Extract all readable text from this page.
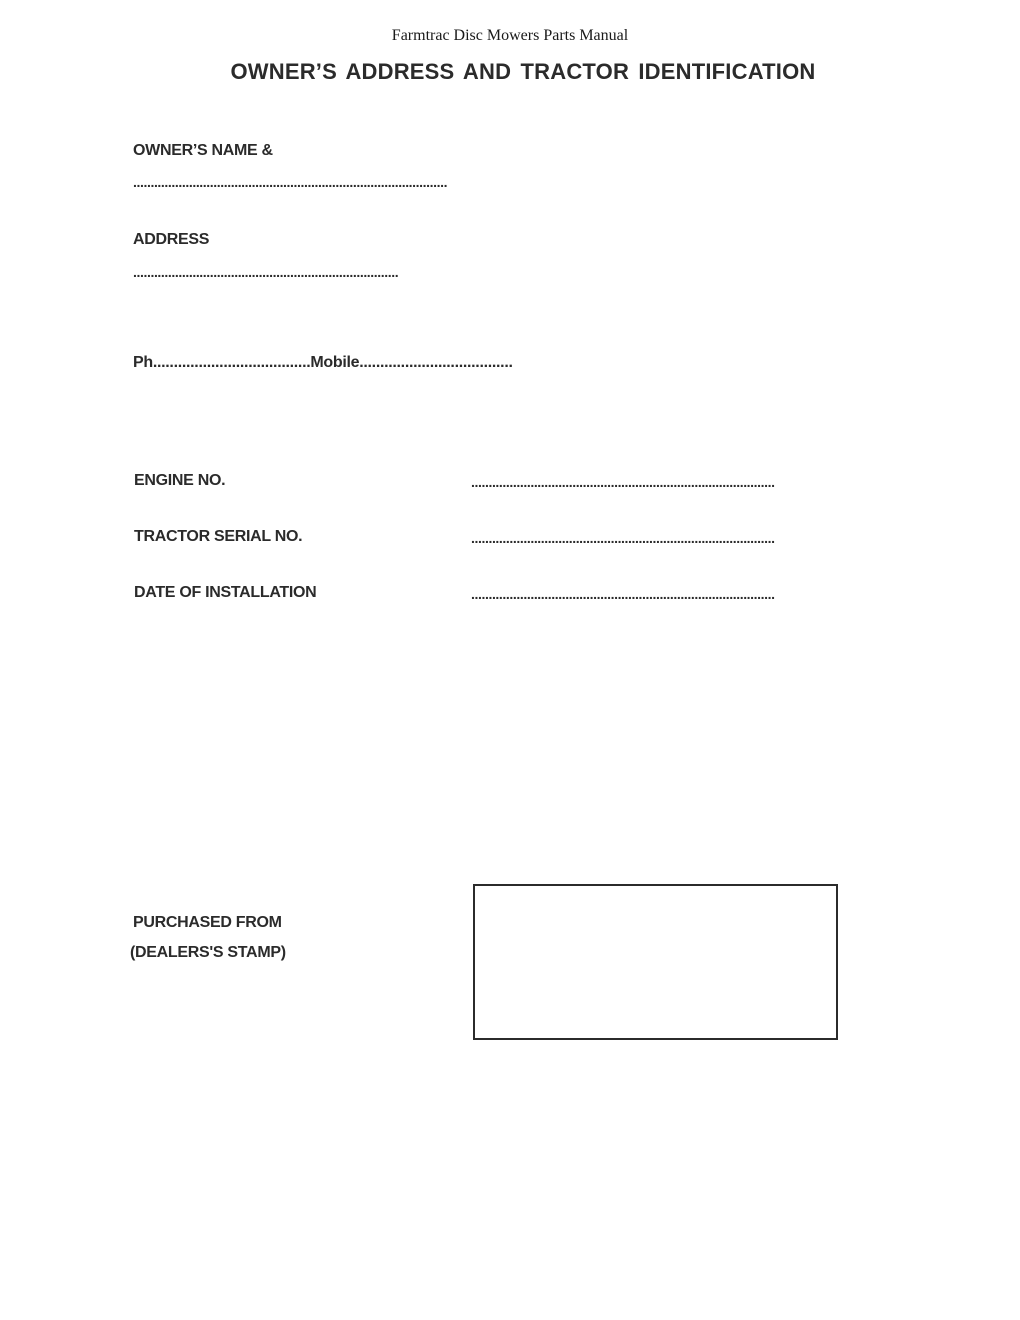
Farmtrac Disc Mowers Parts Manual
OWNER’S ADDRESS AND TRACTOR IDENTIFICATION
OWNER’S NAME &
..........................................................................................
ADDRESS
............................................................................
Ph......................................Mobile.....................................
ENGINE NO.	.......................................................................................
TRACTOR SERIAL NO.	.......................................................................................
DATE OF INSTALLATION	.......................................................................................
PURCHASED FROM
(DEALERS'S STAMP)
